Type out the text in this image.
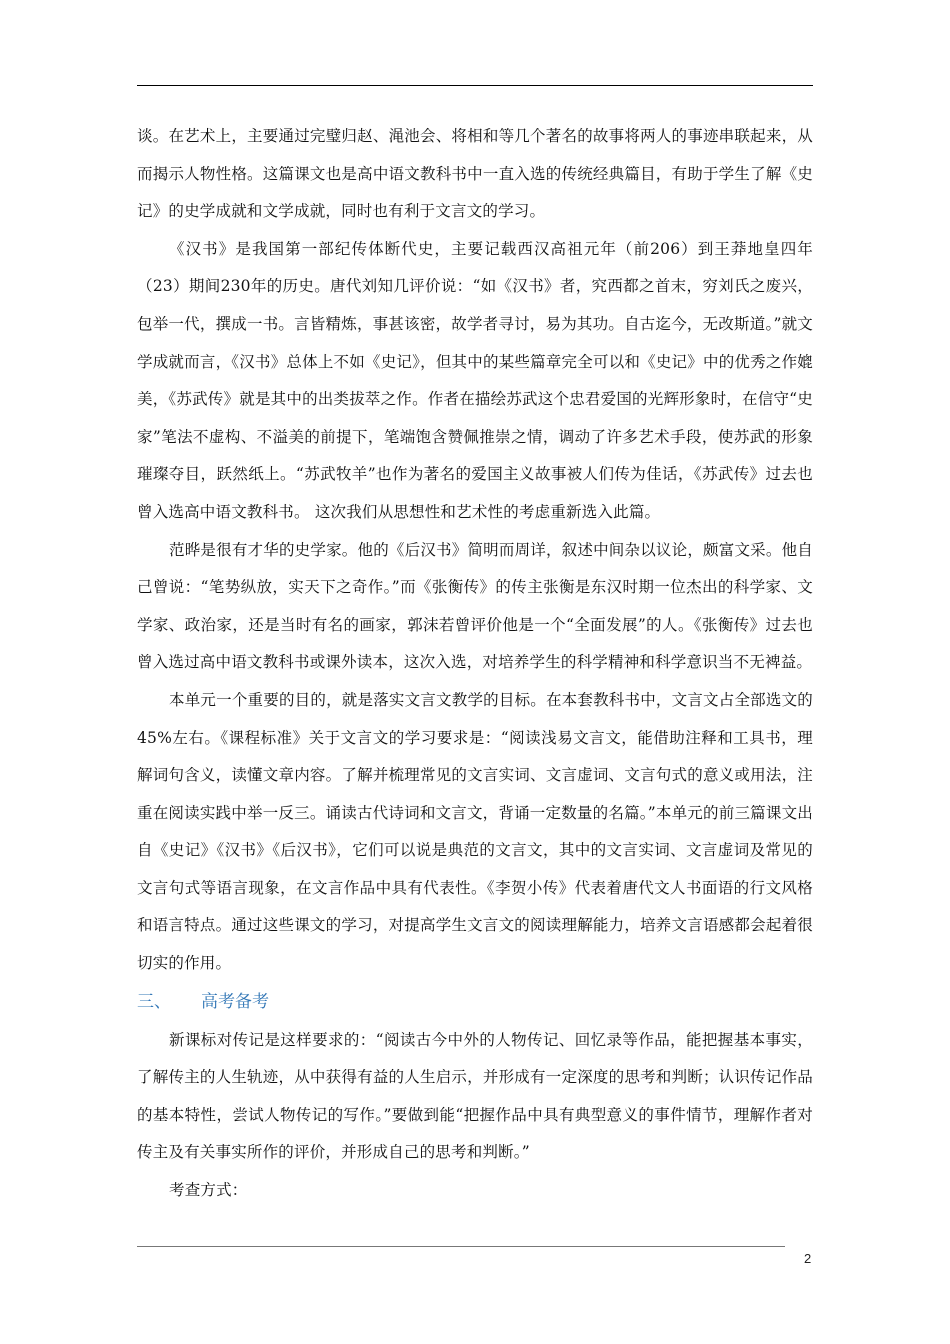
谈。在艺术上，主要通过完璧归赵、渑池会、将相和等几个著名的故事将两人的事迹串联起来，从而揭示人物性格。这篇课文也是高中语文教科书中一直入选的传统经典篇目，有助于学生了解《史记》的史学成就和文学成就，同时也有利于文言文的学习。

《汉书》是我国第一部纪传体断代史，主要记载西汉高祖元年（前206）到王莽地皇四年（23）期间230年的历史。唐代刘知几评价说：“如《汉书》者，究西都之首末，穷刘氏之废兴，包举一代，撰成一书。言皆精炼，事甚该密，故学者寻讨，易为其功。自古迄今，无改斯道。”就文学成就而言，《汉书》总体上不如《史记》，但其中的某些篇章完全可以和《史记》中的优秀之作媲美，《苏武传》就是其中的出类拔萃之作。作者在描绘苏武这个忠君爱国的光辉形象时，在信守“史家”笔法不虚构、不溢美的前提下，笔端饱含赞佩推崇之情，调动了许多艺术手段，使苏武的形象璀璨夺目，跃然纸上。“苏武牧羊”也作为著名的爱国主义故事被人们传为佳话，《苏武传》过去也曾入选高中语文教科书。 这次我们从思想性和艺术性的考虑重新选入此篇。

范晔是很有才华的史学家。他的《后汉书》简明而周详，叙述中间杂以议论，颇富文采。他自己曾说：“笔势纵放，实天下之奇作。”而《张衡传》的传主张衡是东汉时期一位杰出的科学家、文学家、政治家，还是当时有名的画家，郭沫若曾评价他是一个“全面发展”的人。《张衡传》过去也曾入选过高中语文教科书或课外读本，这次入选，对培养学生的科学精神和科学意识当不无裨益。

本单元一个重要的目的，就是落实文言文教学的目标。在本套教科书中，文言文占全部选文的45%左右。《课程标准》关于文言文的学习要求是：“阅读浅易文言文，能借助注释和工具书，理解词句含义，读懂文章内容。了解并梳理常见的文言实词、文言虚词、文言句式的意义或用法，注重在阅读实践中举一反三。诵读古代诗词和文言文，背诵一定数量的名篇。”本单元的前三篇课文出自《史记》《汉书》《后汉书》，它们可以说是典范的文言文，其中的文言实词、文言虚词及常见的文言句式等语言现象，在文言作品中具有代表性。《李贺小传》代表着唐代文人书面语的行文风格和语言特点。通过这些课文的学习，对提高学生文言文的阅读理解能力，培养文言语感都会起着很切实的作用。

三、 高考备考

新课标对传记是这样要求的：“阅读古今中外的人物传记、回忆录等作品，能把握基本事实，了解传主的人生轨迹，从中获得有益的人生启示，并形成有一定深度的思考和判断；认识传记作品的基本特性，尝试人物传记的写作。”要做到能“把握作品中具有典型意义的事件情节，理解作者对传主及有关事实所作的评价，并形成自己的思考和判断。”

考查方式：

2
